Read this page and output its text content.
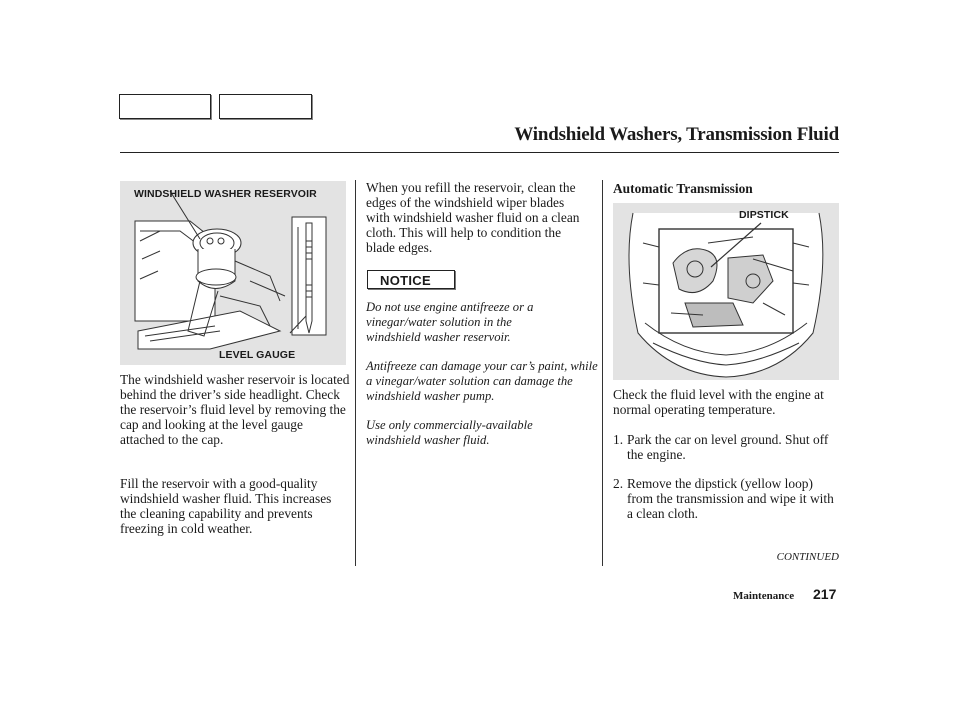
Windshield Washers, Transmission Fluid
WINDSHIELD WASHER RESERVOIR
LEVEL GAUGE
The windshield washer reservoir is located behind the driver’s side headlight. Check the reservoir’s fluid level by removing the cap and looking at the level gauge attached to the cap.
Fill the reservoir with a good-quality windshield washer fluid. This increases the cleaning capability and prevents freezing in cold weather.
When you refill the reservoir, clean the edges of the windshield wiper blades with windshield washer fluid on a clean cloth. This will help to condition the blade edges.
NOTICE
Do not use engine antifreeze or a vinegar/water solution in the windshield washer reservoir.
Antifreeze can damage your car’s paint, while a vinegar/water solution can damage the windshield washer pump.
Use only commercially-available windshield washer fluid.
Automatic Transmission
DIPSTICK
Check the fluid level with the engine at normal operating temperature.
1. Park the car on level ground. Shut off the engine.
2. Remove the dipstick (yellow loop) from the transmission and wipe it with a clean cloth.
CONTINUED
Maintenance 217
